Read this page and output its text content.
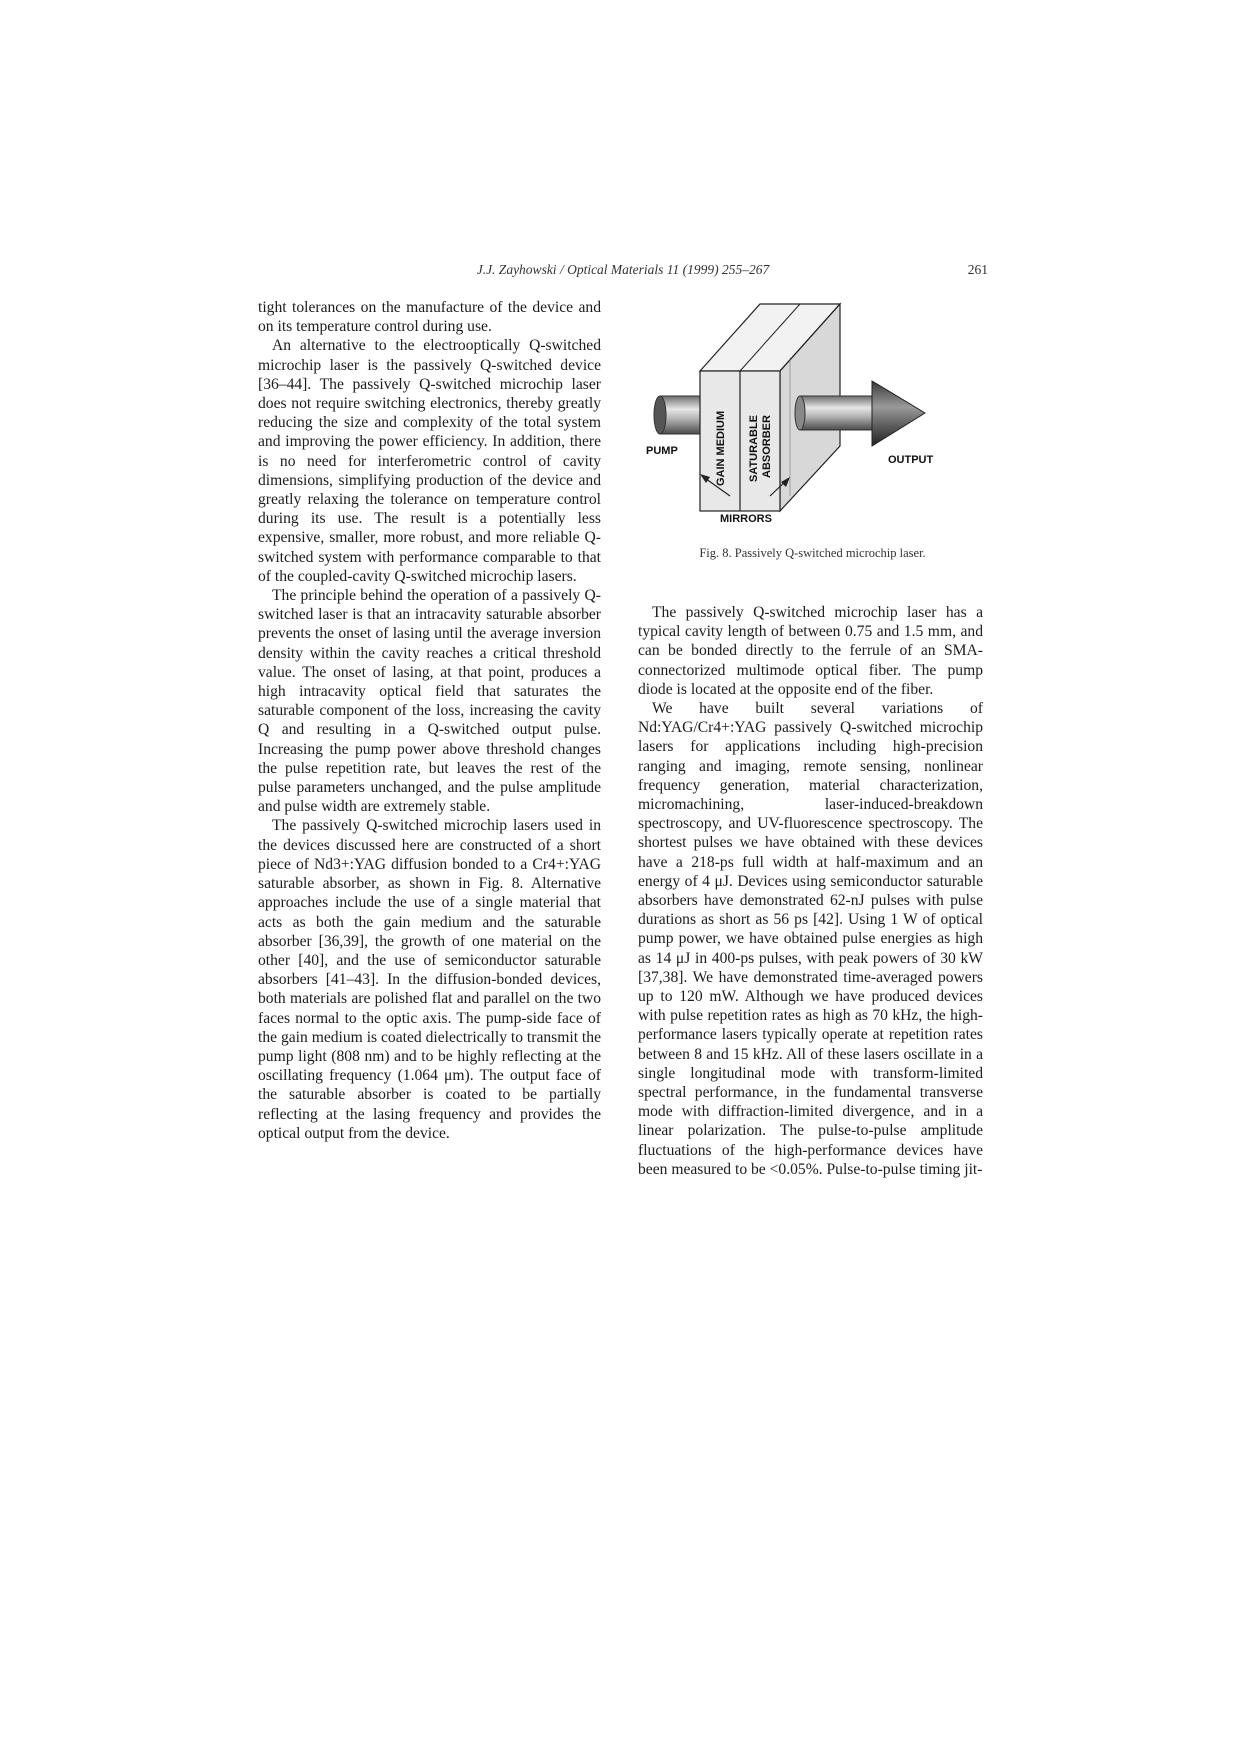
J.J. Zayhowski / Optical Materials 11 (1999) 255–267	261

tight tolerances on the manufacture of the device and on its temperature control during use.

An alternative to the electrooptically Q-switched microchip laser is the passively Q-switched device [36–44]. The passively Q-switched microchip laser does not require switching electronics, thereby greatly reducing the size and complexity of the total system and improving the power efficiency. In addition, there is no need for interferometric control of cavity dimensions, simplifying production of the device and greatly relaxing the tolerance on temperature control during its use. The result is a potentially less expensive, smaller, more robust, and more reliable Q-switched system with performance comparable to that of the coupled-cavity Q-switched microchip lasers.

The principle behind the operation of a passively Q-switched laser is that an intracavity saturable absorber prevents the onset of lasing until the average inversion density within the cavity reaches a critical threshold value. The onset of lasing, at that point, produces a high intracavity optical field that saturates the saturable component of the loss, increasing the cavity Q and resulting in a Q-switched output pulse. Increasing the pump power above threshold changes the pulse repetition rate, but leaves the rest of the pulse parameters unchanged, and the pulse amplitude and pulse width are extremely stable.

The passively Q-switched microchip lasers used in the devices discussed here are constructed of a short piece of Nd3+:YAG diffusion bonded to a Cr4+:YAG saturable absorber, as shown in Fig. 8. Alternative approaches include the use of a single material that acts as both the gain medium and the saturable absorber [36,39], the growth of one material on the other [40], and the use of semiconductor saturable absorbers [41–43]. In the diffusion-bonded devices, both materials are polished flat and parallel on the two faces normal to the optic axis. The pump-side face of the gain medium is coated dielectrically to transmit the pump light (808 nm) and to be highly reflecting at the oscillating frequency (1.064 μm). The output face of the saturable absorber is coated to be partially reflecting at the lasing frequency and provides the optical output from the device.

PUMP	GAIN MEDIUM SATURABLE ABSORBER	OUTPUT
MIRRORS
Fig. 8. Passively Q-switched microchip laser.

The passively Q-switched microchip laser has a typical cavity length of between 0.75 and 1.5 mm, and can be bonded directly to the ferrule of an SMA-connectorized multimode optical fiber. The pump diode is located at the opposite end of the fiber.

We have built several variations of Nd:YAG/Cr4+:YAG passively Q-switched microchip lasers for applications including high-precision ranging and imaging, remote sensing, nonlinear frequency generation, material characterization, micromachining, laser-induced-breakdown spectroscopy, and UV-fluorescence spectroscopy. The shortest pulses we have obtained with these devices have a 218-ps full width at half-maximum and an energy of 4 μJ. Devices using semiconductor saturable absorbers have demonstrated 62-nJ pulses with pulse durations as short as 56 ps [42]. Using 1 W of optical pump power, we have obtained pulse energies as high as 14 μJ in 400-ps pulses, with peak powers of 30 kW [37,38]. We have demonstrated time-averaged powers up to 120 mW. Although we have produced devices with pulse repetition rates as high as 70 kHz, the high-performance lasers typically operate at repetition rates between 8 and 15 kHz. All of these lasers oscillate in a single longitudinal mode with transform-limited spectral performance, in the fundamental transverse mode with diffraction-limited divergence, and in a linear polarization. The pulse-to-pulse amplitude fluctuations of the high-performance devices have been measured to be <0.05%. Pulse-to-pulse timing jit-
